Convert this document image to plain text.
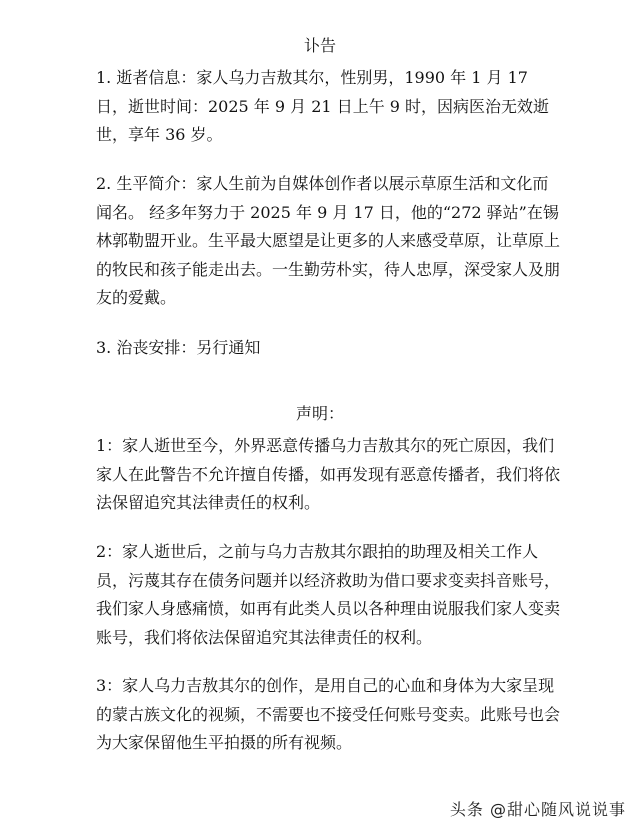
讣告

1. 逝者信息：家人乌力吉敖其尔，性别男，1990 年 1 月 17 日，逝世时间：2025 年 9 月 21 日上午 9 时，因病医治无效逝世，享年 36 岁。

2. 生平简介：家人生前为自媒体创作者以展示草原生活和文化而闻名。 经多年努力于 2025 年 9 月 17 日，他的“272 驿站”在锡林郭勒盟开业。生平最大愿望是让更多的人来感受草原，让草原上的牧民和孩子能走出去。一生勤劳朴实，待人忠厚，深受家人及朋友的爱戴。

3. 治丧安排：另行通知

声明：

1：家人逝世至今，外界恶意传播乌力吉敖其尔的死亡原因，我们家人在此警告不允许擅自传播，如再发现有恶意传播者，我们将依法保留追究其法律责任的权利。

2：家人逝世后，之前与乌力吉敖其尔跟拍的助理及相关工作人员，污蔑其存在债务问题并以经济救助为借口要求变卖抖音账号，我们家人身感痛愤，如再有此类人员以各种理由说服我们家人变卖账号，我们将依法保留追究其法律责任的权利。

3：家人乌力吉敖其尔的创作，是用自己的心血和身体为大家呈现的蒙古族文化的视频，不需要也不接受任何账号变卖。此账号也会为大家保留他生平拍摄的所有视频。

头条 @甜心随风说说事
